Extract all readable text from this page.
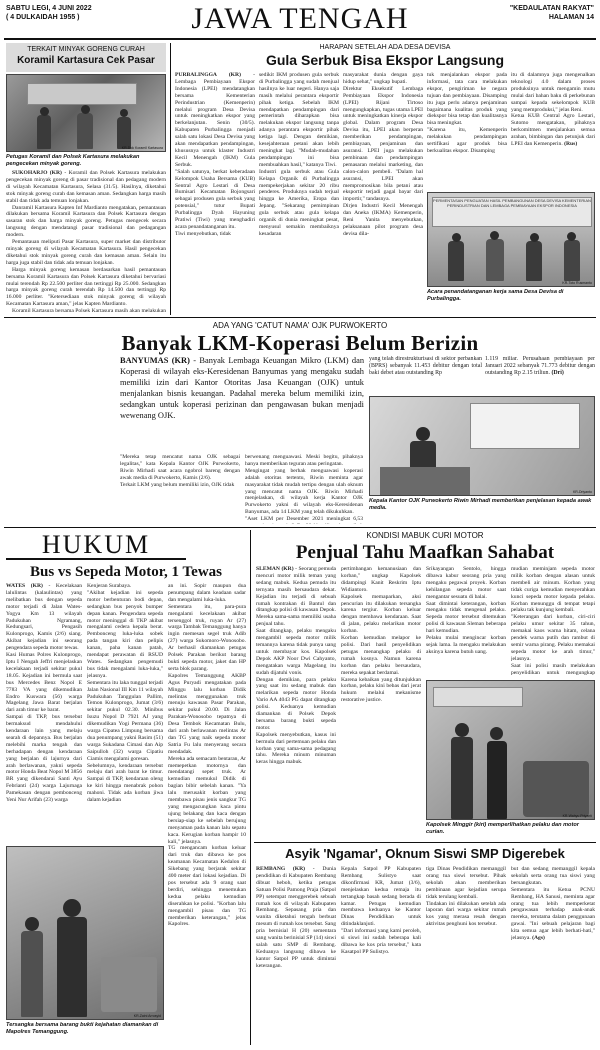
SABTU LEGI, 4 JUNI 2022
( 4 DULKAIDAH 1955 )	JAWA TENGAH	"KEDAULATAN RAKYAT"
HALAMAN 14
TERKAIT MINYAK GORENG CURAH
Koramil Kartasura Cek Pasar
KR-Dok Koramil Kartasura
Petugas Koramil dan Polsek Kartasura melakukan pengecekan minyak goreng.

SUKOHARJO (KR) - Koramil dan Polsek Kartasura melakukan pengecekan minyak goreng di pasar tradisional dan pedagang modern di wilayah Kecamatan Kartasura, Selasa (31/5). Hasilnya, diketahui stok minyak goreng curah dan kemasan aman. Sedangkan harga masih stabil dan tidak ada temuan lonjakan.

Danramil Kartasura Kapten Inf Mardianto mengatakan, pemantauan dilakukan bersama Koramil Kartasura dan Polsek Kartasura dengan sasaran stok dan harga minyak goreng. Petugas mengecek secara langsung dengan mendatangi pasar tradisional dan pedagangan modern.

Pemantauan meliputi Pasar Kartasura, super market dan distributor minyak goreng di wilayah Kecamatan Kartasura. Hasil pengecekan diketahui stok minyak goreng curah dan kemasan aman. Selain itu harga juga stabil dan tidak ada temuan lonjakan.

Harga minyak goreng kemasan berdasarkan hasil pemantauan bersama Koramil Kartasura dan Polsek Kartasura diketahui bervariasi mulai terendah Rp 22.500 perliter dan tertinggi Rp 25.000. Sedangkan harga minyak goreng curah terendah Rp 14.500 dan tertinggi Rp 16.000 perliter. "Ketersediaan stok minyak goreng di wilayah Kecamatan Kartasura aman," jelas Kapten Mardianto.

Koramil Kartasura bersama Polsek Kartasura masih akan melakukan

HARAPAN SETELAH ADA DESA DEVISA
Gula Serbuk Bisa Ekspor Langsung
PURBALINGGA (KR) - Lembaga Pembiayaan Ekspor Indonesia (LPEI) mendatangkan bersama Kementerian Perindustrian (Kemenperin) melalui program Desa Devisa untuk meningkatkan ekspor yang berkelanjutan. Senin (30/5). Kabupaten Purbalingga menjadi salah satu lokasi Desa Devisa yang akan mendapatkan pendampingan, khususnya untuk klaster Industri Kecil Menengah (IKM) Gula Serbuk.
"Salah satunya, berkat keberadaan Kelompok Usaha Bersama (KUB) Sentral Agro Lestari di Desa Bumisari Kecamatan Bojongsari sebagai produsen gula serbuk yang potensial," tutur Bupati Purbalingga Dyah Hayuning Pratiwi (Tiwi) yang menghadiri acara penandatanganan itu.
Tiwi menyebutkan, tidak
sedikit IKM produsen gula serbuk di Purbalingga yang sudah menjual hasilnya ke luar negeri. Hanya saja masih melalui perantara eksportir pihak ketiga. Sebelah IKM mendapatkan pendampingan dari pemerintah diharapkan bisa melakukan ekspor langsung tanpa adanya perantara eksportir pihak ketiga lagi. Dengan demikian, kesejahteraan petani akan lebih meningkat lagi. "Mudah-mudahan pendampingan ini bisa membuahkan hasil," katanya Tiwi.
Industri gula serbuk atau Gula Kelapa Organik di Purbalingga mempekerjakan sekitar 20 ribu penderes. Produknya sudah terjual hingga ke Amerika, Eropa dan Jepang. "Sekarang pemimpinan gula serbuk atau gula kelapa organik di dunia meningkat pesat, menyusul semakin membaiknya kesadaran
masyarakat dunia dengan gaya hidup sehat," ungkap bupati.
Direktur Eksekutif Lembaga Pembiayaan Ekspor Indonesia (LPEI) Rijani Tirtoso mengungkapkan, tugas utama LPEI untuk meningkatkan kinerja ekspor global. Dalam program Desa Devisa itu, LPEI akan berperan memberikan pendampingan, pembiayaan, penjaminan dan asuransi. LPEI juga melakukan pembinaan dan pendampingan pemasaran melalui marketing, dan calon-calon pembeli. "Dalam hal asuransi, LPEI akan mempromosikan bila petani atau eksportir terjadi gagal bayar dari importir," tandasnya.
Dirjen Industri Kecil Menengah dan Aneka (IKMA) Kemenperin, Reni Yanita menyebutkan, pelaksanaan pilot program desa devisa dila-
tuk menjalankan ekspor pada informasi, tata cara melakukan ekspor, pengiriman ke negara tujuan dan pembiayaan. Disamping itu juga perlu adanya penjaminan bagaimana kualitas produk yang diekspor bisa tetap dan kualitasnya bisa meningkat.
"Karena itu, Kemenperin melakukan pendampingan sertifikasi agar produk bisa berkualitas ekspor. Disamping
itu di dalamnya juga mengenalkan teknologi 4.0 dalam proses produksinya untuk mengamin mutu mulai dari bahan baku di perkebunan sampai kepada sekelompok KUB yang memproduksi," jelas Reni.
Ketua KUB Central Agro Lestari, Sutomo mengatakan, pihaknya berkomitmen menjalankan semua arahan, bimbingan dan petunjuk dari LPEI dan Kemenperin. (Rus)
PERMENTASAN PENGUATAN HASIL PEMBANGUNAN DESA DEVISA KEMENTERIAN PERINDUSTRIAN DAN LEMBAGA PEMBIAYAAN EKSPOR INDONESIA
KR-Toto Rusmanto
Acara penandatanganan kerja sama Desa Devisa di Purbalingga.
ADA YANG 'CATUT NAMA' OJK PURWOKERTO
Banyak LKM-Koperasi Belum Berizin
BANYUMAS (KR) - Banyak Lembaga Keuangan Mikro (LKM) dan Koperasi di wilayah eks-Keresidenan Banyumas yang mengaku sudah memiliki izin dari Kantor Otoritas Jasa Keuangan (OJK) untuk menjalankan bisnis keuangan. Padahal mereka belum memiliki izin, sedangkan untuk koperasi perizinan dan pengawasan bukan menjadi wewenang OJK.
"Mereka tetap mencatut nama OJK sebagai legalitas," kata Kepala Kantor OJK Purwokerto, Riwin Mirhadi saat acara ngobrol bareng dengan awak media di Purwokerto, Kamis (2/6).
Terkait LKM yang belum memiliki izin, OJK tidak
berwenang menguawasi. Meski begitu, pihaknya hanya memberikan teguran atau peringatan.
Mengingat yang berhak menguawasi koperasi adalah otoritas tertentu, Riwin meminta agar masyarakat tidak mudah tertipu dengan ulah oknum yang mencatut nama OJK. Riwin Mirhadi menjelaskan, di wilayah kerja Kantor OJK Purwokerto yakni di wilayah eks-Keresidenan Banyumas, ada 14 LKM yang telah dikukuhkan.
"Aset LKM per Desember 2021 meningkat 6,53

yang telah direstrukturisasi di sektor perbankan (BPRS) sebanyak 11.453 debitur dengan total baki debet atau outstanding Rp
1.119 miliar. Perusahaan pembiayaan per Januari 2022 sebanyak 71.773 debitur dengan outstanding Rp 2.15 triliun. (Dri)
KR-Driyanto
Kepala Kantor OJK Purwokerto Riwin Mirhadi memberikan penjelasan kepada awak media.
HUKUM
Bus vs Sepeda Motor, 1 Tewas
WATES (KR) - Kecelakaan lalulintas (kalaulintas) yang melibatkan bus dengan sepeda motor terjadi di Jalan Wates-Yogya Km 13 wilayah Padukuhan Ngramang, Kedungsari, Pengasih Kulonprogo, Kamis (2/6) siang. Akibat kejadian ini seorang pengendara sepeda motor tewas.
Kasi Humas Polres Kulonprogo, Iptu I Nengah Jeffri menjelaskan kecelakaan terjadi sekitar pukul 18.05. Kejadian ini bermula saat bus Mercedes Benz Nopol E 7783 VA yang dikemudikan Endro Kuswara (56) warga Magelang Jawa Barat berjalan dari arah timur ke barat.
Sampai di TKP, bus tersebut bermaksud mendahului kendaraan lain yang melaju searah di depannya. Bus berjalan melebihi marka tengah dan berhadapan dengan kendaraan yang berjalan di lajurnya dari arah berlawanan, yakni sepeda motor Honda Beat Nopol M 3856 BR yang dikendarai Santi Ayu Febrianti (24) warga Lajurnaga Pamekasan dengan pembonceng Yeni Nur Arifah (23) warga
Kenjeran Surabaya.
"Akibat kejadian ini sepeda motor berbenturan bodi depan, sedangkan bus penyok bumper depan kanan. Pengendara sepeda motor meninggal di TKP akibat mengalami cedera kepala berat. Pembonceng luka-luka sobek pada tangan kiri dan pelipis kanan, paha kanan patah, mendapat perawatan di RSUD Wates. Sedangkan pengemudi bus tidak mengalami luka-luka," jelasnya.
Sementara itu laka tunggal terjadi Jalan Nasional III Km 11 wilayah Padukuhan Tanggulan Pallim, Temon Kulonprogo, Jumat (3/6) sekitar pukul 02.30. Minibus Isuzu Nopol D 7921 AJ yang dikemudikan Yogi Permana (36) warga Cipatea Limpung bersama dua penumpang yakni Rasim (51) warga Sukadana Cimasi dan Aip Saipulloh (32) warga Cipatiu Ciamis mengalami goresan.
Sebelumnya, kendaraan tersebut melaju dari arah barat ke timur. Sampai di TKP, kendaraan oleng ke kiri hingga menabrak pohon mahoni. Tidak ada korban jiwa dalam kejadian
an ini. Sopir maupun dua penumpang dalam keadaan sadar dan mengalami luka-luka.
Sementara itu, para-pura mengalami kecelakaan akibat tersenggol truk, ruyan Ar (27) warga Tambak Temanggung hanya ingin memesan segel truk Adib (27) warga Sukomoro-Wonosobo. Ar berhasil diamankan petugas Polsek Parakan berikut barang bukti sepeda motor, jaket dan HP serta blok parang.
Kapolres Temanggung AKBP Agus Puryadi mengatakan pada Minggu lalu korban Didik melintas menggunakan truk menuju kawasan Pasar Parakan, sekitar pukul 20.00. Di Jalan Parakan-Wonosobo tepatnya di Desa Tembok Kecamatan Bulu, dari arah berlawanan melintas Ar dan TG yang naik sepeda motor Satria Fu lalu menyerang secara mendadak.
Mereka ada semacam bentaran, Ar memepetkan motornya dan mendatangi sepet truk. Ar kemudian memukul Didik di bagian bibir sebelah kanan. "Ya lalu merusakit korban yang membawa pisau jenis sangkur TG yang mengacungkan kaca pintu ujung belakang dan kaca dengan bersiap-siap ke sebelah berujung menyaman pada kanan lalu sepatu kaca. Kerugian korban hampir 10 kali," jelasnya.
TG mengancam korban keluar dari truk dan dibawa ke pos keamanan Kecamatan Kedalon di Sikebang yang berjarak sekitar 400 meter dari lokasi kejadian. Di pos tersebut ada 9 orang saat berdiri, sehingga menemukan kedua pelaku kemudian diserahkan ke polisi. "Korban lalu mengambil pisau dan TG memberikan keterangan," jelas Kapolres.
KR-Zaini Arrosyid
Tersangka bersama barang bukti kejahatan diamankan di Mapolres Temanggung.
KONDISI MABUK CURI MOTOR
Penjual Tahu Maafkan Sahabat
SLEMAN (KR) - Seorang pemuda mencuri motor milik teman yang sedang mabuk. Kedua pemuda itu ternyata masih bersaudara dekat. Kejadian itu terjadi di sebuah rumah kontrakan di Bantul dan ditangkap polisi di kawasan Depok. Mereka sama-sama memiliki usaha penjual tahu.
Saat ditangkap, pelaku mengaku mengambil sepeda motor milik temannya karena tidak punya uang untuk membayar kos. Kapolsek Depok AKP Noor Dwi Cahyanto, mengatakan warga Magelang itu sudah dijatuhi vonis.
Dengan demikian, para pelaku yang saat itu sedang mabuk dan melarikan sepeda motor Honda Vario AA 4043 PG dapat ditangkap polisi. Keduanya kemudian diamankan di Polsek Depok bersama barang bukti sepeda motor.
Kapolsek menyebutkan, kasus ini bermula dari pertemuan pelaku dan korban yang sama-sama pedagang tahu. Mereka minum minuman keras hingga mabuk.
pertimbangan kemanusiaan dan korban," ungkap Kapolsek didampingi Kanit Reskrim Iptu Widiantoro.
Kapolsek memaparkan, aksi pencurian itu dilakukan tersangka karena tergiur. Korban keluar dengan membawa kendaraan. Saat di jalan, pelaku melarikan motor korban.
Korban kemudian melapor ke polisi. Dari hasil penyelidikan petugas menangkap pelaku di rumah kosnya. Namun karena korban dan pelaku bersaudara, mereka sepakat berdamai.
Karena kebaikan yang ditunjukkan korban, pelaku kini bebas dari jerat hukum melalui mekanisme restorative justice.
Srikayangan Sentolo, hingga dibawa kabur seorang pria yang mengaku pegawai proyek. Korban kehilangan sepeda motor saat mengantar sesuatu di balai.
Saat dimintai keterangan, korban mengaku tidak mengenal pelaku. Sepeda motor tersebut ditemukan polisi di kawasan Sleman beberapa hari kemudian.
Pelaku mulai mengincar korban sejak lama. Ia mengaku melakukan aksinya karena butuh uang.
mudian meminjam sepeda motor milik korban dengan alasan untuk membeli air minum. Korban yang tidak curiga kemudian menyerahkan kunci sepeda motor kepada pelaku. Korban menunggu di tempat tetapi pelaku tak kunjung kembali.
"Keterangan dari korban, ciri-ciri pelaku umur sekitar 35 tahun, memakai kaos warna hitam, celana pendek warna putih dan rambut di semir warna pirang. Pelaku memakai sepeda motor ke arah timur," jelasnya.
Saat ini polisi masih melakukan penyelidikan untuk mengungkap
KR-Wahyu Priyanti
Kapolsek Minggir (kiri) memperlihatkan pelaku dan motor curian.
Asyik 'Ngamar', Oknum Siswi SMP Digerebek
REMBANG (KR) - Dunia pendidikan di Kabupaten Rembang dibuat heboh, ketika petugas Satuan Polisi Pamong Praja (Satpol PP) setempat menggerebek sebuah rumah kos di wilayah Kabupaten Rembang. Sepasang pria dan wanita diketahui tengah berbuat mesum di rumah kos tersebut. Sang pria bernisial H (20) sementara sang wanita berinisial SP (14) siswi salah satu SMP di Rembang. Keduanya langsung dibawa ke kantor Satpol PP untuk dimintai keterangan.
Kepala Satpol PP Kabupaten Rembang Sulistyo saat dikonfirmasi KR, Jumat (3/6), menjelaskan kedua remaja itu tertangkap basah sedang berada di kamar. Petugas kemudian membawa keduanya ke Kantor Dinas Pendidikan untuk ditindaklanjuti.
"Dari informasi yang kami peroleh, si siswi ini sudah beberapa kali dibawa ke kos pria tersebut," kata Kasatpol PP Sulistyo.
tiga Dinas Pendidikan memanggil orang tua siswi tersebut. Pihak sekolah akan memberikan pembinaan agar kejadian serupa tidak terulang kembali.
Tindakan ini dilakukan setelah ada laporan dari warga sekitar rumah kos yang merasa resah dengan aktivitas penghuni kos tersebut.
but dan sedang memanggil kepala sekolah serta orang tua siswi yang bersangkutan.
Sementara itu Ketua PCNU Rembang, HA Sanusi, meminta agar orang tua lebih memperketat pengawasan terhadap anak-anak mereka, terutama dalam penggunaan gawai. "Ini sebuah pelajaran bagi kita semua agar lebih berhati-hati," jelasnya. (Ags)
